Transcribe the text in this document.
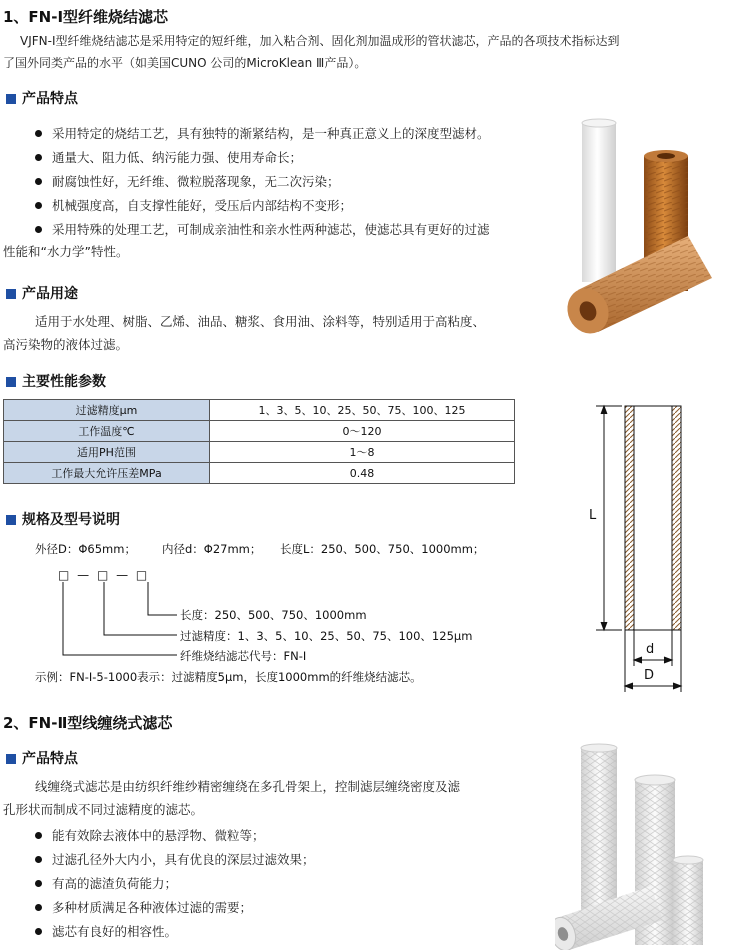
1、FN-Ⅰ型纤维烧结滤芯
VJFN-Ⅰ型纤维烧结滤芯是采用特定的短纤维，加入粘合剂、固化剂加温成形的管状滤芯，产品的各项技术指标达到
了国外同类产品的水平（如美国CUNO 公司的MicroKlean Ⅲ产品）。
产品特点
采用特定的烧结工艺，具有独特的渐紧结构，是一种真正意义上的深度型滤材。
通量大、阻力低、纳污能力强、使用寿命长；
耐腐蚀性好，无纤维、微粒脱落现象，无二次污染；
机械强度高，自支撑性能好，受压后内部结构不变形；
采用特殊的处理工艺，可制成亲油性和亲水性两种滤芯，使滤芯具有更好的过滤
性能和“水力学”特性。
产品用途
适用于水处理、树脂、乙烯、油品、糖浆、食用油、涂料等，特别适用于高粘度、
高污染物的液体过滤。
主要性能参数
过滤精度μm	1、3、5、10、25、50、75、100、125
工作温度℃	0～120
适用PH范围	1～8
工作最大允许压差MPa	0.48
规格及型号说明
外径D：Φ65mm； 内径d：Φ27mm； 长度L：250、500、750、1000mm；
□ — □ — □
长度：250、500、750、1000mm
过滤精度：1、3、5、10、25、50、75、100、125μm
纤维烧结滤芯代号：FN-Ⅰ
示例：FN-Ⅰ-5-1000表示：过滤精度5μm，长度1000mm的纤维烧结滤芯。
L
d
D
2、FN-Ⅱ型线缠绕式滤芯
产品特点
线缠绕式滤芯是由纺织纤维纱精密缠绕在多孔骨架上，控制滤层缠绕密度及滤
孔形状而制成不同过滤精度的滤芯。
能有效除去液体中的悬浮物、微粒等；
过滤孔径外大内小，具有优良的深层过滤效果；
有高的滤渣负荷能力；
多种材质满足各种液体过滤的需要；
滤芯有良好的相容性。
